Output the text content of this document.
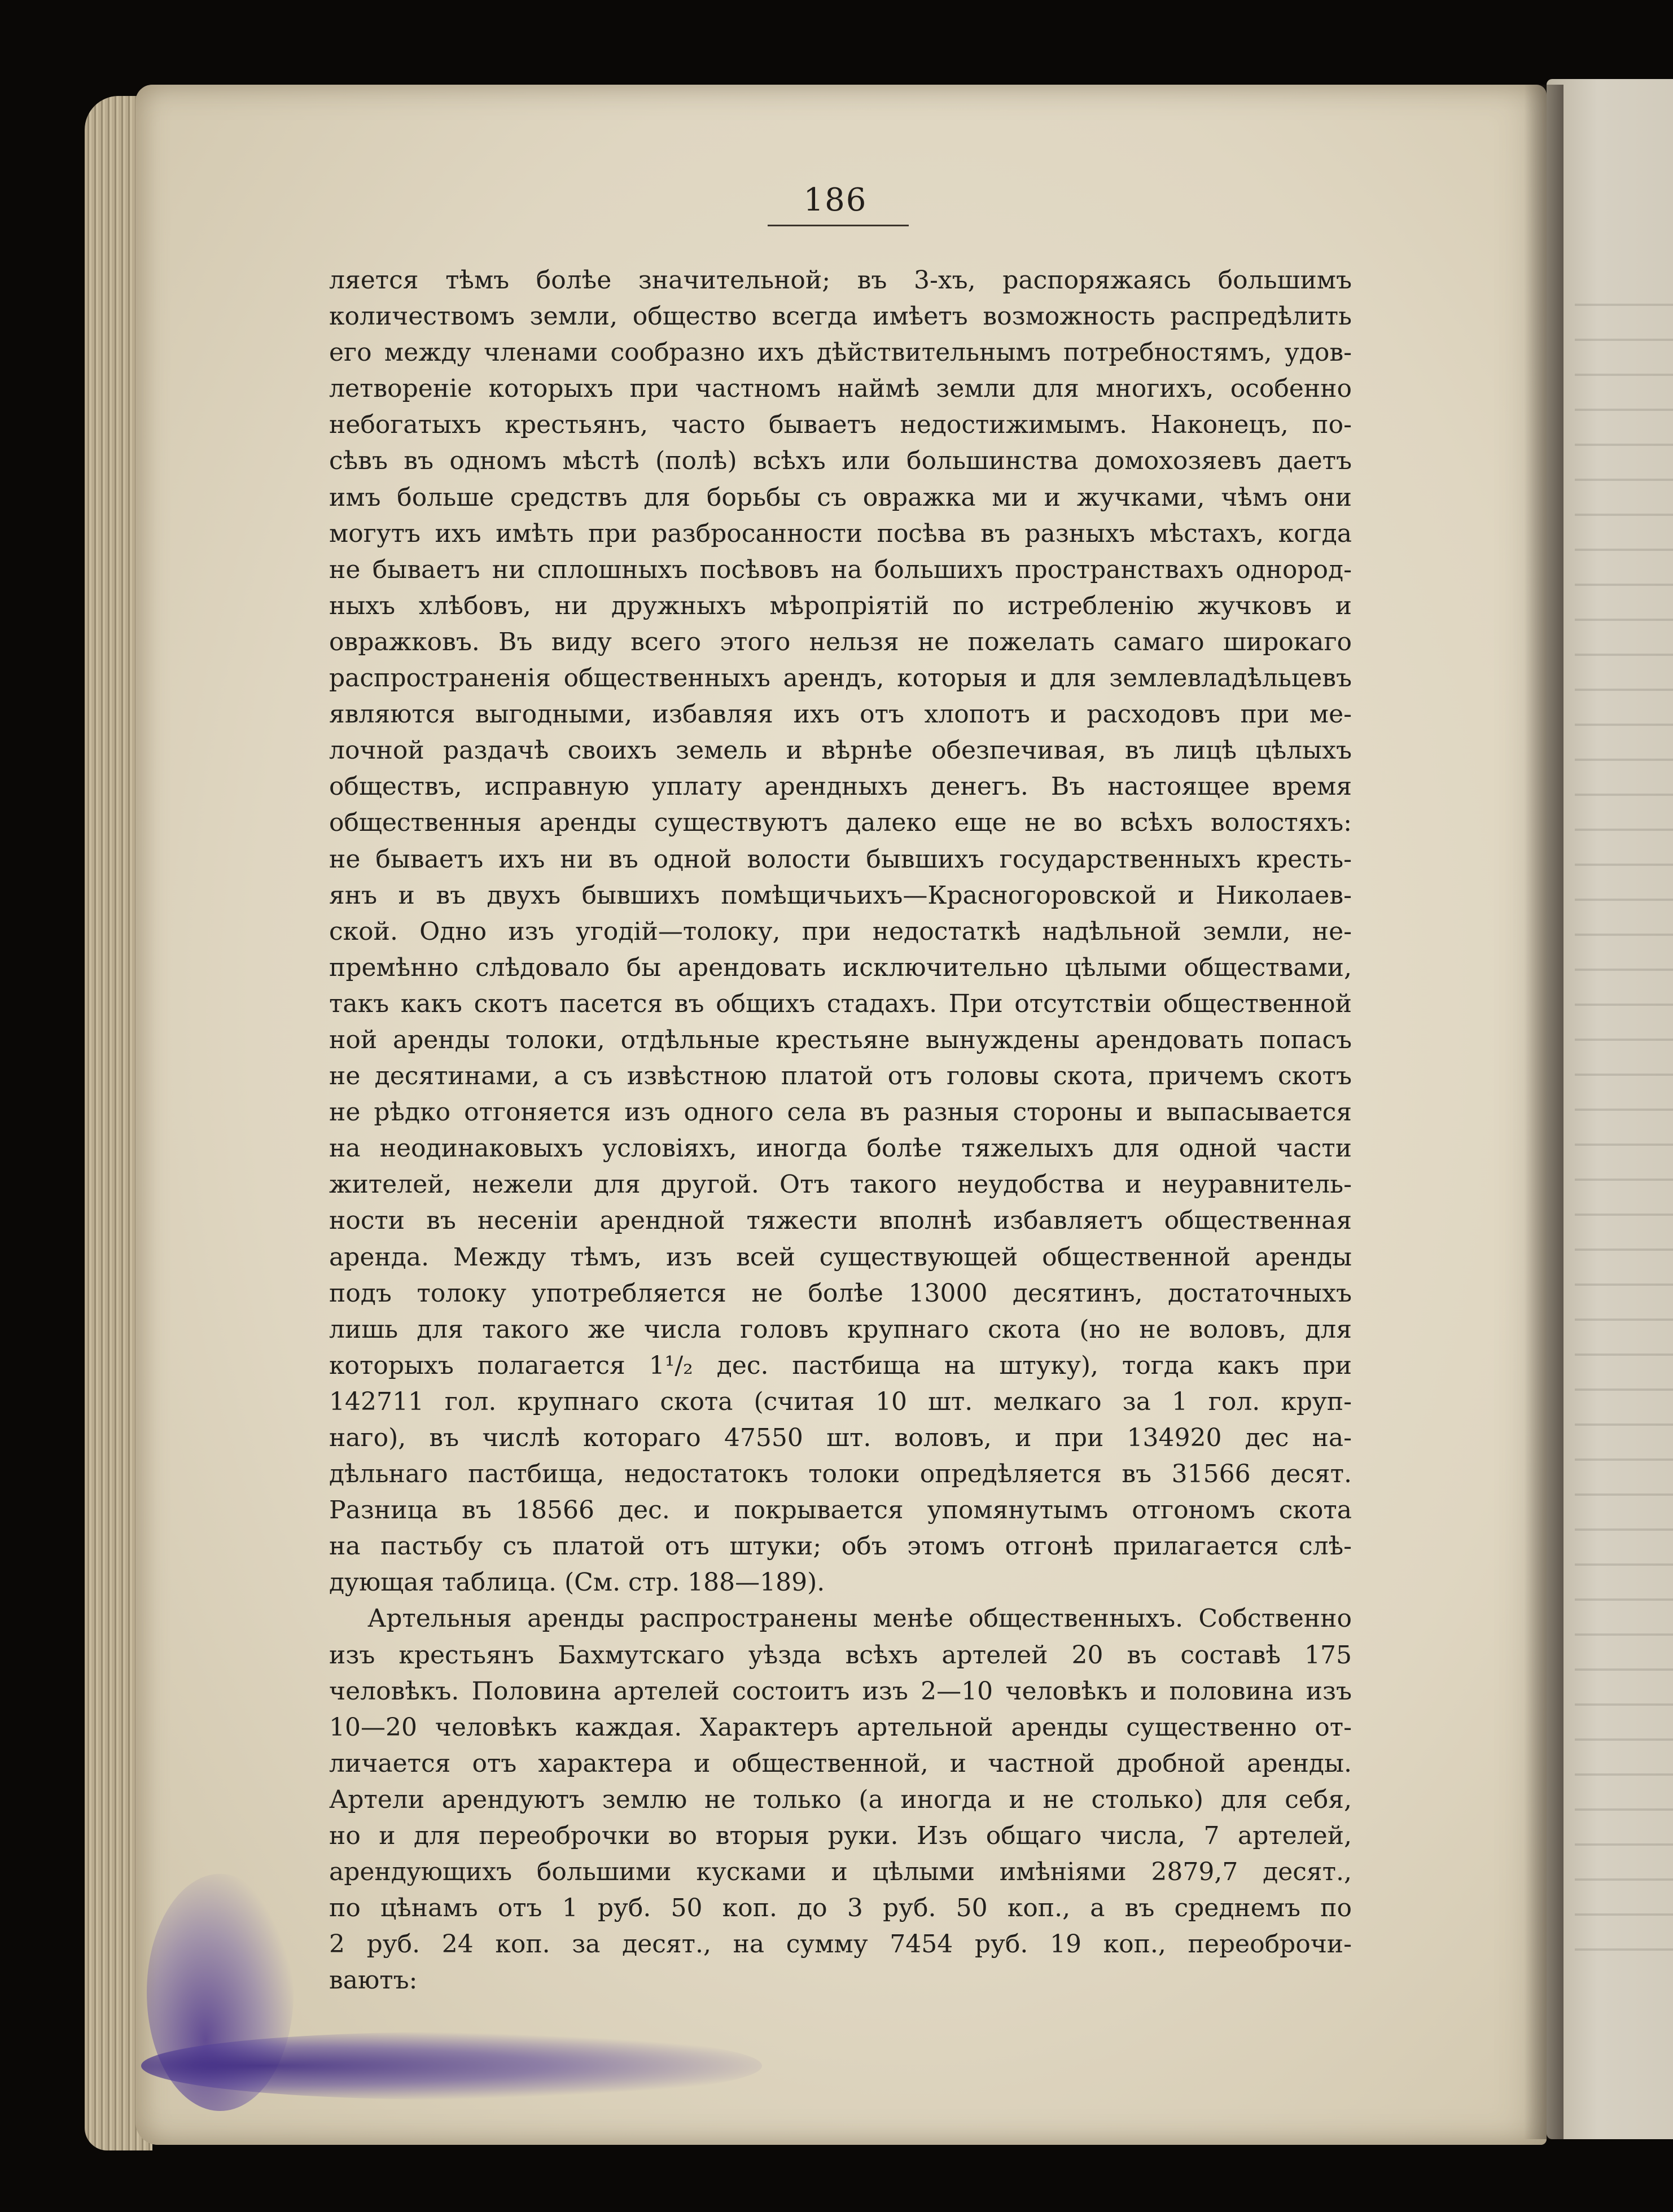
186
ляется тѣмъ болѣе значительной; въ 3-хъ, распоряжаясь большимъ
количествомъ земли, общество всегда имѣетъ возможность распредѣлить
его между членами сообразно ихъ дѣйствительнымъ потребностямъ, удов-
летвореніе которыхъ при частномъ наймѣ земли для многихъ, особенно
небогатыхъ крестьянъ, часто бываетъ недостижимымъ. Наконецъ, по-
сѣвъ въ одномъ мѣстѣ (полѣ) всѣхъ или большинства домохозяевъ даетъ
имъ больше средствъ для борьбы съ овражка ми и жучками, чѣмъ они
могутъ ихъ имѣть при разбросанности посѣва въ разныхъ мѣстахъ, когда
не бываетъ ни сплошныхъ посѣвовъ на большихъ пространствахъ однород-
ныхъ хлѣбовъ, ни дружныхъ мѣропріятій по истребленію жучковъ и
овражковъ. Въ виду всего этого нельзя не пожелать самаго широкаго
распространенія общественныхъ арендъ, которыя и для землевладѣльцевъ
являются выгодными, избавляя ихъ отъ хлопотъ и расходовъ при ме-
лочной раздачѣ своихъ земель и вѣрнѣе обезпечивая, въ лицѣ цѣлыхъ
обществъ, исправную уплату арендныхъ денегъ. Въ настоящее время
общественныя аренды существуютъ далеко еще не во всѣхъ волостяхъ:
не бываетъ ихъ ни въ одной волости бывшихъ государственныхъ кресть-
янъ и въ двухъ бывшихъ помѣщичьихъ—Красногоровской и Николаев-
ской. Одно изъ угодій—толоку, при недостаткѣ надѣльной земли, не-
премѣнно слѣдовало бы арендовать исключительно цѣлыми обществами,
такъ какъ скотъ пасется въ общихъ стадахъ. При отсутствіи общественной
ной аренды толоки, отдѣльные крестьяне вынуждены арендовать попасъ
не десятинами, а съ извѣстною платой отъ головы скота, причемъ скотъ
не рѣдко отгоняется изъ одного села въ разныя стороны и выпасывается
на неодинаковыхъ условіяхъ, иногда болѣе тяжелыхъ для одной части
жителей, нежели для другой. Отъ такого неудобства и неуравнитель-
ности въ несеніи арендной тяжести вполнѣ избавляетъ общественная
аренда. Между тѣмъ, изъ всей существующей общественной аренды
подъ толоку употребляется не болѣе 13000 десятинъ, достаточныхъ
лишь для такого же числа головъ крупнаго скота (но не воловъ, для
которыхъ полагается 1¹/₂ дес. пастбища на штуку), тогда какъ при
142711 гол. крупнаго скота (считая 10 шт. мелкаго за 1 гол. круп-
наго), въ числѣ котораго 47550 шт. воловъ, и при 134920 дес на-
дѣльнаго пастбища, недостатокъ толоки опредѣляется въ 31566 десят.
Разница въ 18566 дес. и покрывается упомянутымъ отгономъ скота
на пастьбу съ платой отъ штуки; объ этомъ отгонѣ прилагается слѣ-
дующая таблица. (См. стр. 188—189).
Артельныя аренды распространены менѣе общественныхъ. Собственно
изъ крестьянъ Бахмутскаго уѣзда всѣхъ артелей 20 въ составѣ 175
человѣкъ. Половина артелей состоитъ изъ 2—10 человѣкъ и половина изъ
10—20 человѣкъ каждая. Характеръ артельной аренды существенно от-
личается отъ характера и общественной, и частной дробной аренды.
Артели арендуютъ землю не только (а иногда и не столько) для себя,
но и для переоброчки во вторыя руки. Изъ общаго числа, 7 артелей,
арендующихъ большими кусками и цѣлыми имѣніями 2879,7 десят.,
по цѣнамъ отъ 1 руб. 50 коп. до 3 руб. 50 коп., а въ среднемъ по
2 руб. 24 коп. за десят., на сумму 7454 руб. 19 коп., переоброчи-
ваютъ:
